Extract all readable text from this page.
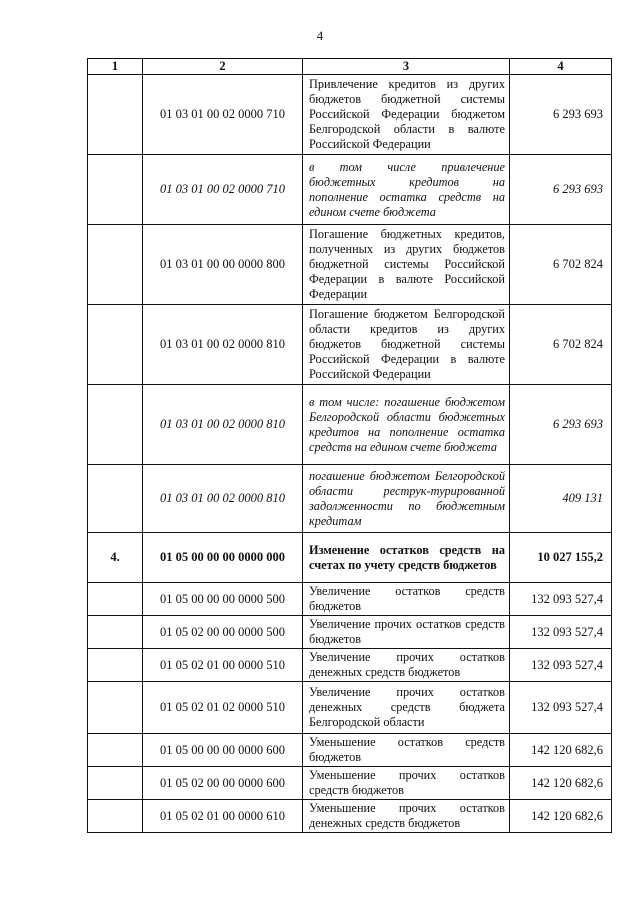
4
1	2	3	4
	01 03 01 00 02 0000 710	Привлечение кредитов из других бюджетов бюджетной системы Российской Федерации бюджетом Белгородской области в валюте Российской Федерации	6 293 693
	01 03 01 00 02 0000 710	в том числе привлечение бюджетных кредитов на пополнение остатка средств на едином счете бюджета	6 293 693
	01 03 01 00 00 0000 800	Погашение бюджетных кредитов, полученных из других бюджетов бюджетной системы Российской Федерации в валюте Российской Федерации	6 702 824
	01 03 01 00 02 0000 810	Погашение бюджетом Белгородской области кредитов из других бюджетов бюджетной системы Российской Федерации в валюте Российской Федерации	6 702 824
	01 03 01 00 02 0000 810	в том числе: погашение бюджетом Белгородской области бюджетных кредитов на пополнение остатка средств на едином счете бюджета	6 293 693
	01 03 01 00 02 0000 810	погашение бюджетом Белгородской области реструк-турированной задолженности по бюджетным кредитам	409 131
4.	01 05 00 00 00 0000 000	Изменение остатков средств на счетах по учету средств бюджетов	10 027 155,2
	01 05 00 00 00 0000 500	Увеличение остатков средств бюджетов	132 093 527,4
	01 05 02 00 00 0000 500	Увеличение прочих остатков средств бюджетов	132 093 527,4
	01 05 02 01 00 0000 510	Увеличение прочих остатков денежных средств бюджетов	132 093 527,4
	01 05 02 01 02 0000 510	Увеличение прочих остатков денежных средств бюджета Белгородской области	132 093 527,4
	01 05 00 00 00 0000 600	Уменьшение остатков средств бюджетов	142 120 682,6
	01 05 02 00 00 0000 600	Уменьшение прочих остатков средств бюджетов	142 120 682,6
	01 05 02 01 00 0000 610	Уменьшение прочих остатков денежных средств бюджетов	142 120 682,6
